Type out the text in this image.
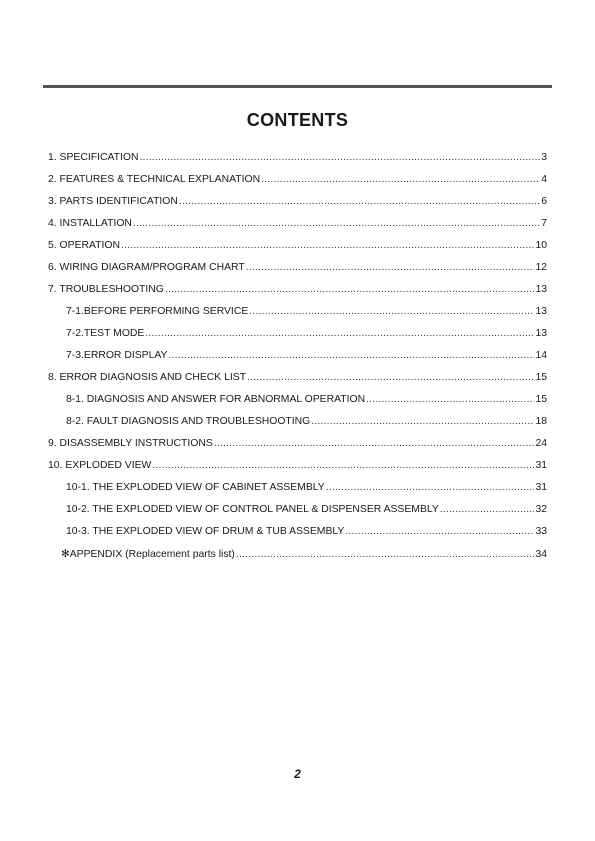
CONTENTS
1. SPECIFICATION .....	3
2. FEATURES & TECHNICAL EXPLANATION .....	4
3. PARTS IDENTIFICATION .....	6
4. INSTALLATION .....	7
5. OPERATION .....	10
6. WIRING DIAGRAM/PROGRAM CHART .....	12
7. TROUBLESHOOTING .....	13
7-1.BEFORE PERFORMING SERVICE .....	13
7-2.TEST MODE .....	13
7-3.ERROR DISPLAY .....	14
8. ERROR DIAGNOSIS AND CHECK LIST .....	15
8-1. DIAGNOSIS AND ANSWER FOR ABNORMAL OPERATION .....	15
8-2. FAULT DIAGNOSIS AND TROUBLESHOOTING .....	18
9. DISASSEMBLY INSTRUCTIONS .....	24
10. EXPLODED VIEW .....	31
10-1. THE EXPLODED VIEW OF CABINET ASSEMBLY .....	31
10-2. THE EXPLODED VIEW OF CONTROL PANEL & DISPENSER ASSEMBLY .....	32
10-3. THE EXPLODED VIEW OF DRUM & TUB ASSEMBLY .....	33
✻APPENDIX (Replacement parts list) .....	34
2
